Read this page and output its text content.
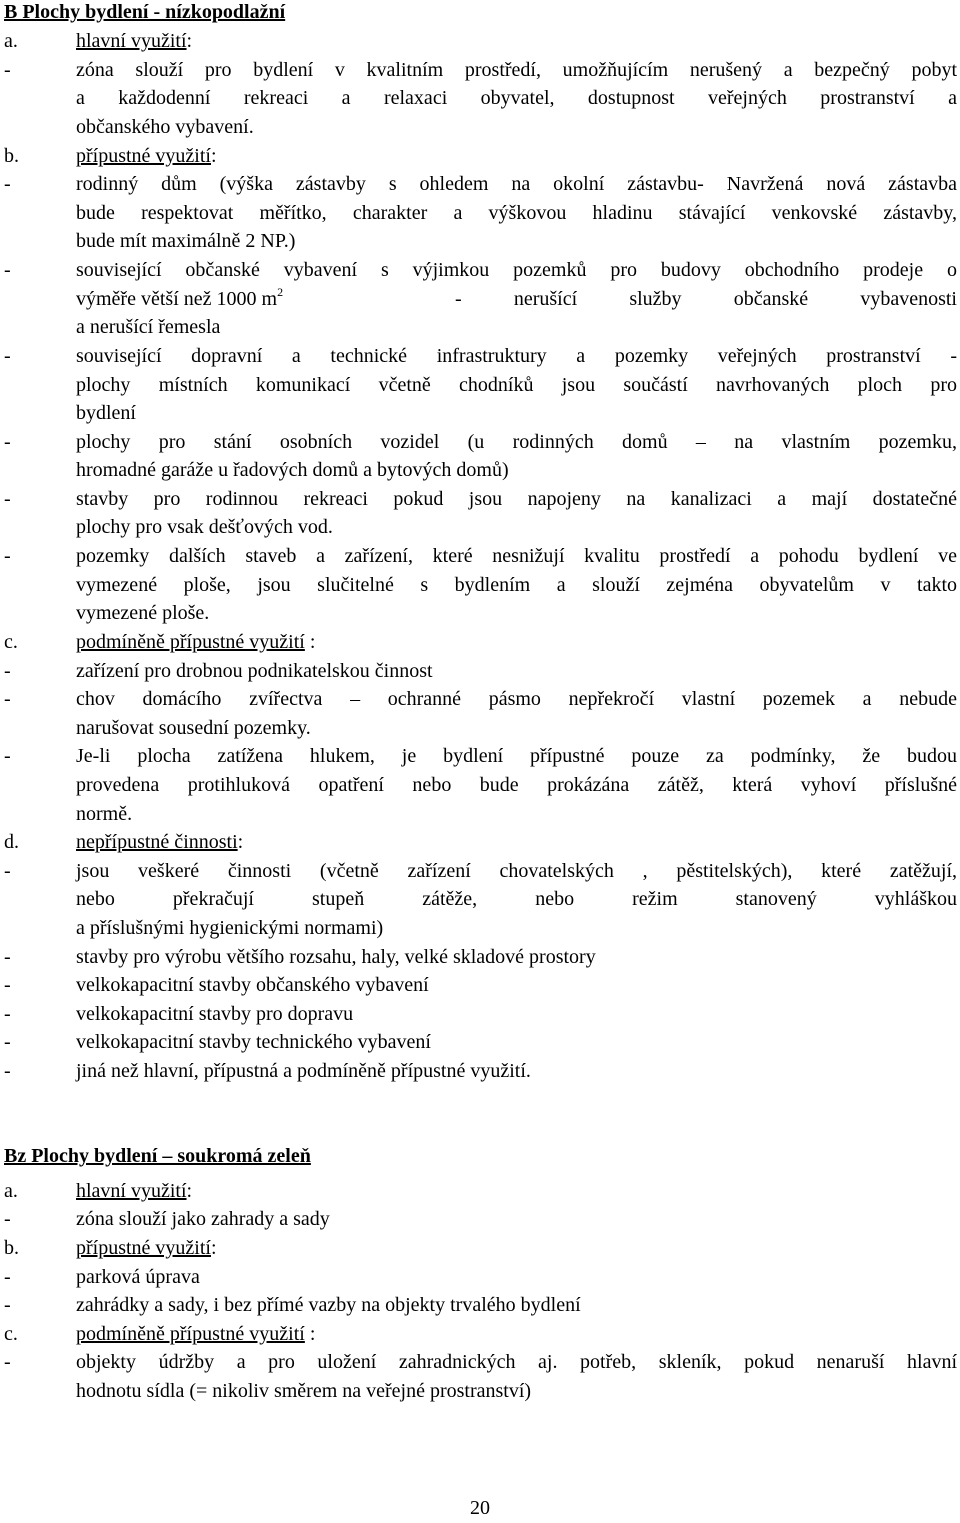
B Plochy bydlení - nízkopodlažní
a.	hlavní využití:
-	zóna slouží pro bydlení v kvalitním prostředí, umožňujícím nerušený a bezpečný pobyt
a každodenní rekreaci a relaxaci obyvatel, dostupnost veřejných prostranství a
občanského vybavení.
b.	přípustné využití:
-	rodinný dům (výška zástavby s ohledem na okolní zástavbu- Navržená nová zástavba
bude respektovat měřítko, charakter a výškovou hladinu stávající venkovské zástavby,
bude mít maximálně 2 NP.)
-	související občanské vybavení s výjimkou pozemků pro budovy obchodního prodeje o
výměře větší než 1000 $m^2$	- nerušící služby občanské vybavenosti
a nerušící řemesla
-	související dopravní a technické infrastruktury a pozemky veřejných prostranství -
plochy místních komunikací včetně chodníků jsou součástí navrhovaných ploch pro
bydlení
-	plochy pro stání osobních vozidel (u rodinných domů – na vlastním pozemku,
hromadné garáže u řadových domů a bytových domů)
-	stavby pro rodinnou rekreaci pokud jsou napojeny na kanalizaci a mají dostatečné
plochy pro vsak dešťových vod.
-	pozemky dalších staveb a zařízení, které nesnižují kvalitu prostředí a pohodu bydlení ve
vymezené ploše, jsou slučitelné s bydlením a slouží zejména obyvatelům v takto
vymezené ploše.
c.	podmíněně přípustné využití :
-	zařízení pro drobnou podnikatelskou činnost
-	chov domácího zvířectva – ochranné pásmo nepřekročí vlastní pozemek a nebude
narušovat sousední pozemky.
-	Je-li plocha zatížena hlukem, je bydlení přípustné pouze za podmínky, že budou
provedena protihluková opatření nebo bude prokázána zátěž, která vyhoví příslušné
normě.
d.	nepřípustné činnosti:
-	jsou veškeré činnosti (včetně zařízení chovatelských , pěstitelských), které zatěžují,
nebo překračují stupeň zátěže, nebo režim stanovený vyhláškou
a příslušnými hygienickými normami)
-	stavby pro výrobu většího rozsahu, haly, velké skladové prostory
-	velkokapacitní stavby občanského vybavení
-	velkokapacitní stavby pro dopravu
-	velkokapacitní stavby technického vybavení
-	jiná než hlavní, přípustná a podmíněně přípustné využití.
Bz Plochy bydlení – soukromá zeleň
a.	hlavní využití:
-	zóna slouží jako zahrady a sady
b.	přípustné využití:
-	parková úprava
-	zahrádky a sady, i bez přímé vazby na objekty trvalého bydlení
c.	podmíněně přípustné využití :
-	objekty údržby a pro uložení zahradnických aj. potřeb, skleník, pokud nenaruší hlavní
hodnotu sídla (= nikoliv směrem na veřejné prostranství)
20
